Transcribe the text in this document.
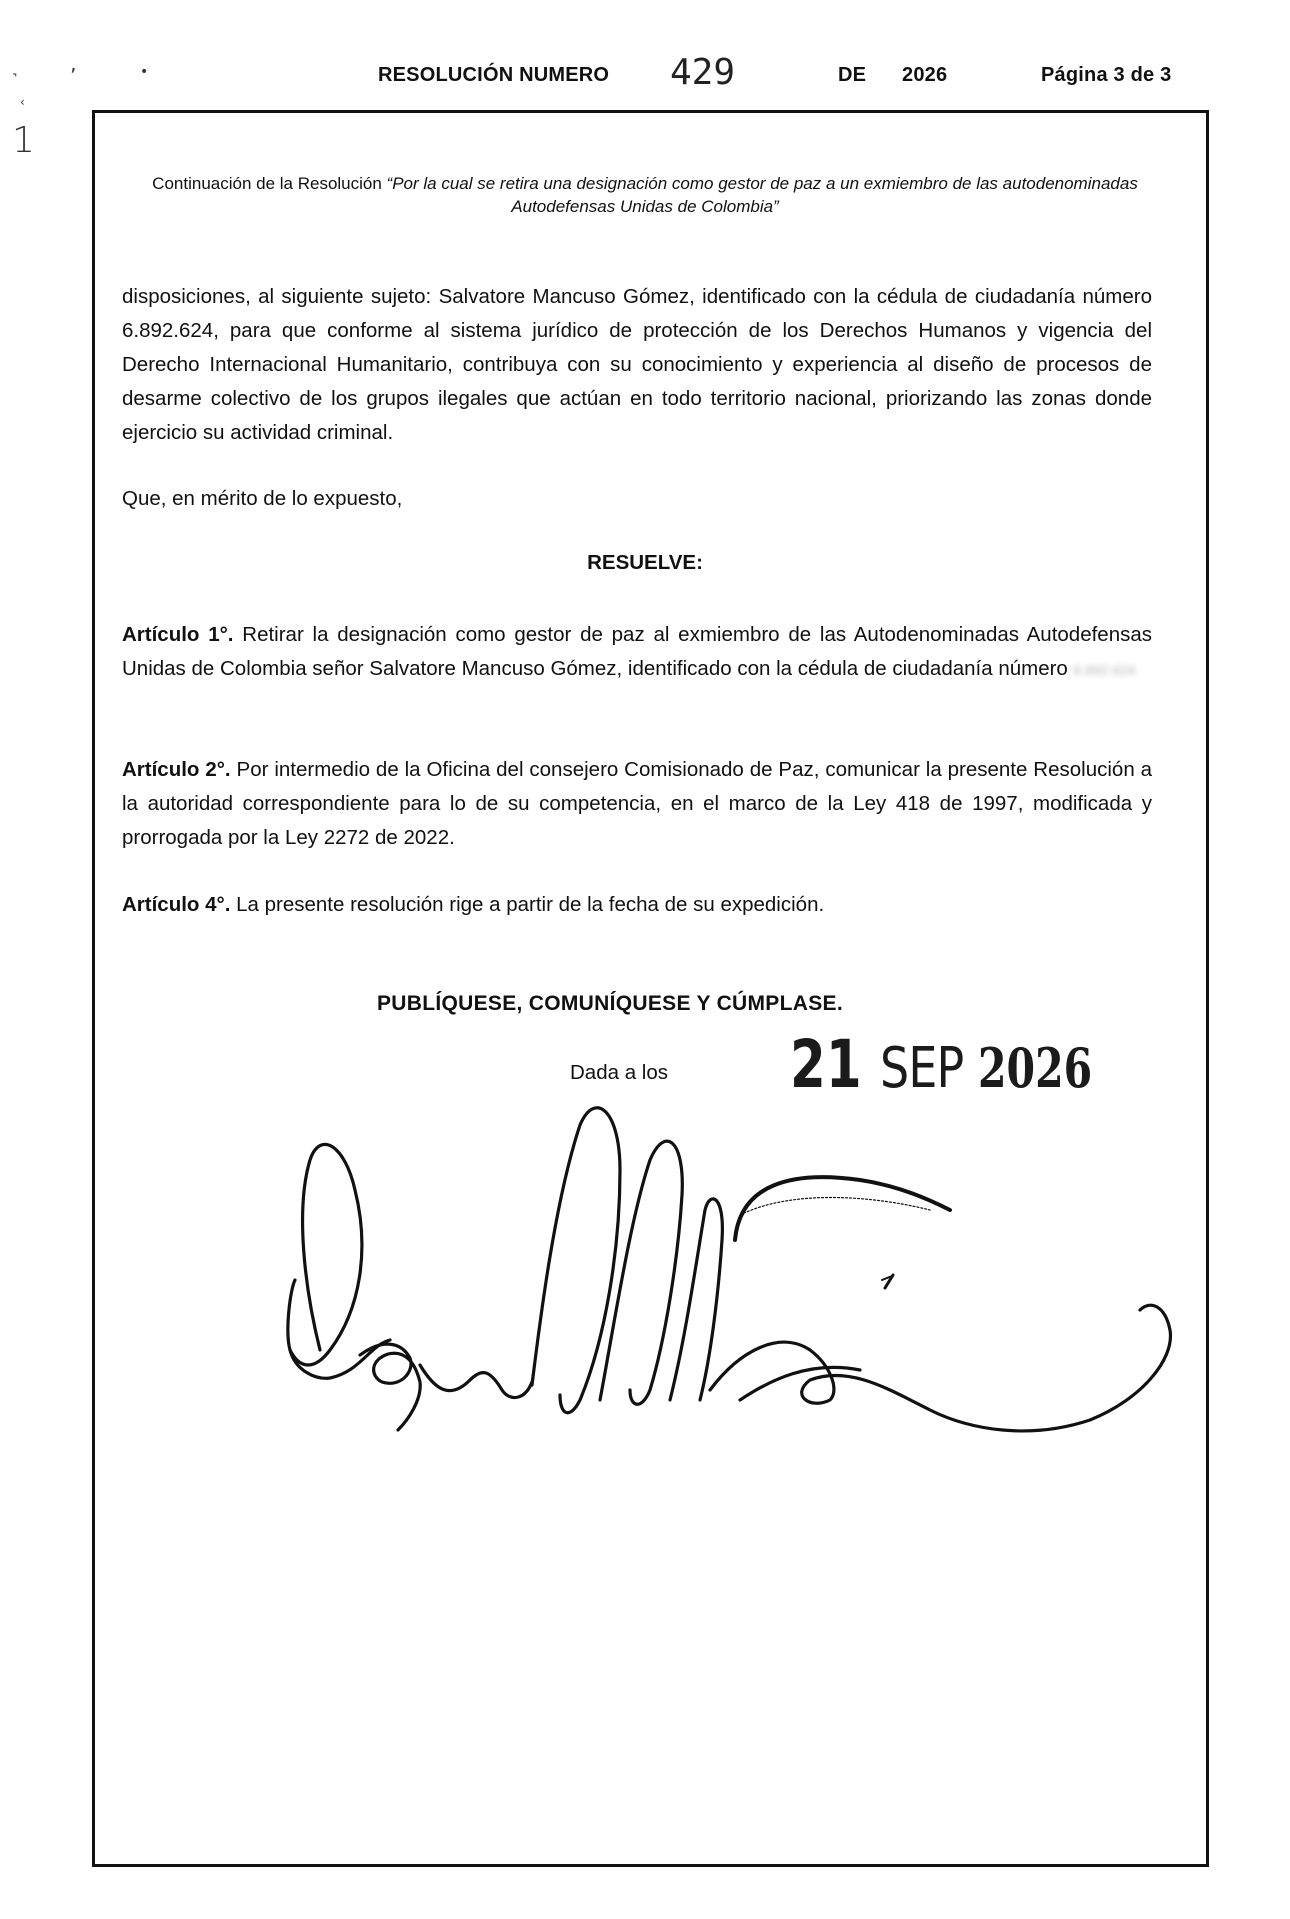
˺
‹
’
1
•	RESOLUCIÓN NUMERO 429	DE 2026	Página 3 de 3
Continuación de la Resolución “Por la cual se retira una designación como gestor de paz a un exmiembro de las autodenominadas Autodefensas Unidas de Colombia”
disposiciones, al siguiente sujeto: Salvatore Mancuso Gómez, identificado con la cédula de ciudadanía número 6.892.624, para que conforme al sistema jurídico de protección de los Derechos Humanos y vigencia del Derecho Internacional Humanitario, contribuya con su conocimiento y experiencia al diseño de procesos de desarme colectivo de los grupos ilegales que actúan en todo territorio nacional, priorizando las zonas donde ejercicio su actividad criminal.
Que, en mérito de lo expuesto,
RESUELVE:
Artículo 1°. Retirar la designación como gestor de paz al exmiembro de las Autodenominadas Autodefensas Unidas de Colombia señor Salvatore Mancuso Gómez, identificado con la cédula de ciudadanía número 6.892.624
Artículo 2°. Por intermedio de la Oficina del consejero Comisionado de Paz, comunicar la presente Resolución a la autoridad correspondiente para lo de su competencia, en el marco de la Ley 418 de 1997, modificada y prorrogada por la Ley 2272 de 2022.
Artículo 4°. La presente resolución rige a partir de la fecha de su expedición.
PUBLÍQUESE, COMUNÍQUESE Y CÚMPLASE.
Dada a los 21 SEP 2026
